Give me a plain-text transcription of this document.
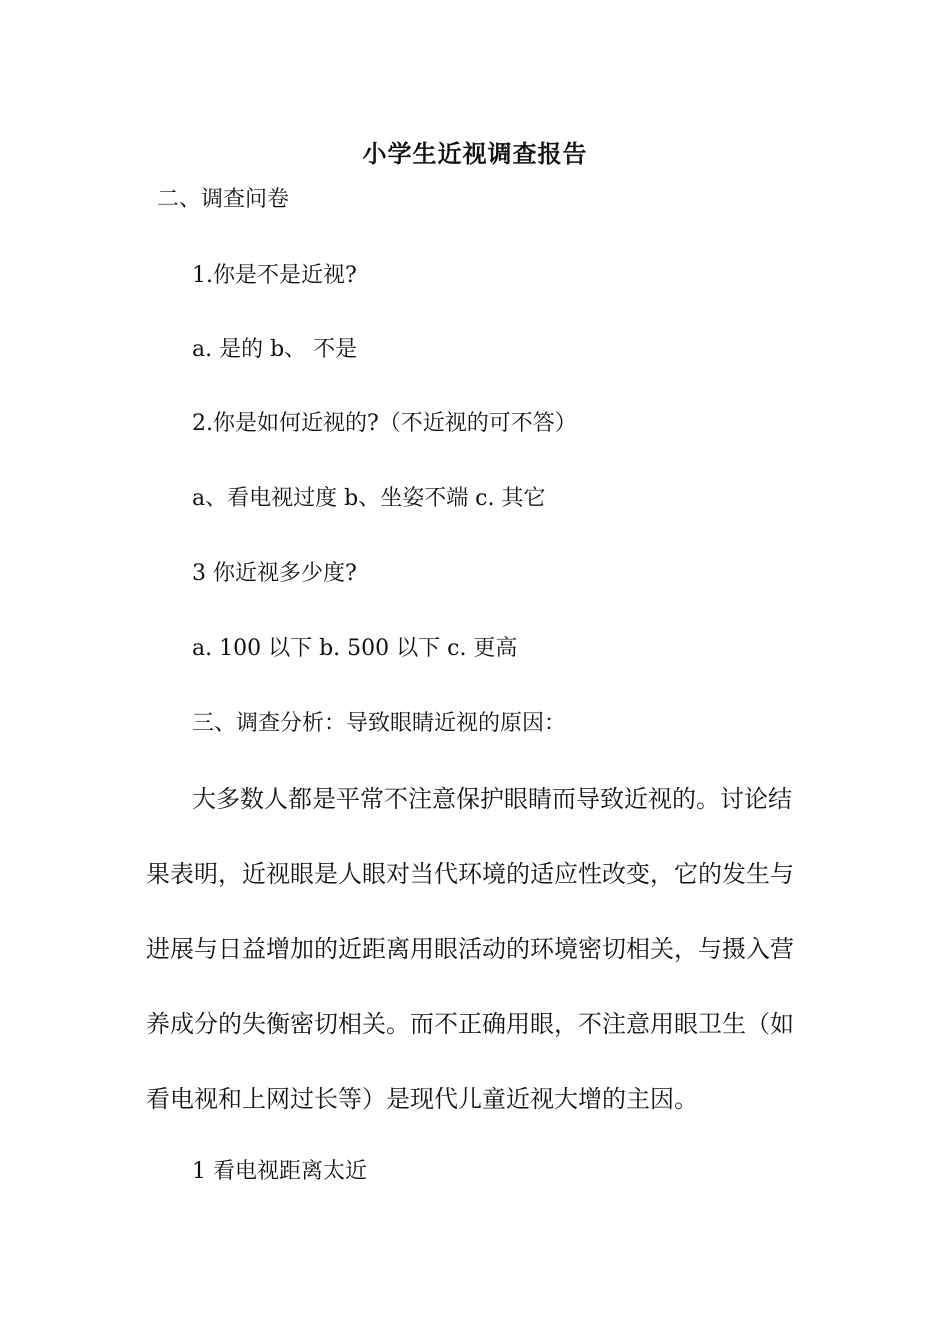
小学生近视调查报告
二、调查问卷
1.你是不是近视?
a. 是的 b、 不是
2.你是如何近视的?（不近视的可不答）
a、看电视过度 b、坐姿不端 c. 其它
3 你近视多少度?
a. 100 以下 b. 500 以下 c. 更高
三、调查分析：导致眼睛近视的原因：
大多数人都是平常不注意保护眼睛而导致近视的。讨论结
果表明，近视眼是人眼对当代环境的适应性改变，它的发生与
进展与日益增加的近距离用眼活动的环境密切相关，与摄入营
养成分的失衡密切相关。而不正确用眼，不注意用眼卫生（如
看电视和上网过长等）是现代儿童近视大增的主因。
1 看电视距离太近
